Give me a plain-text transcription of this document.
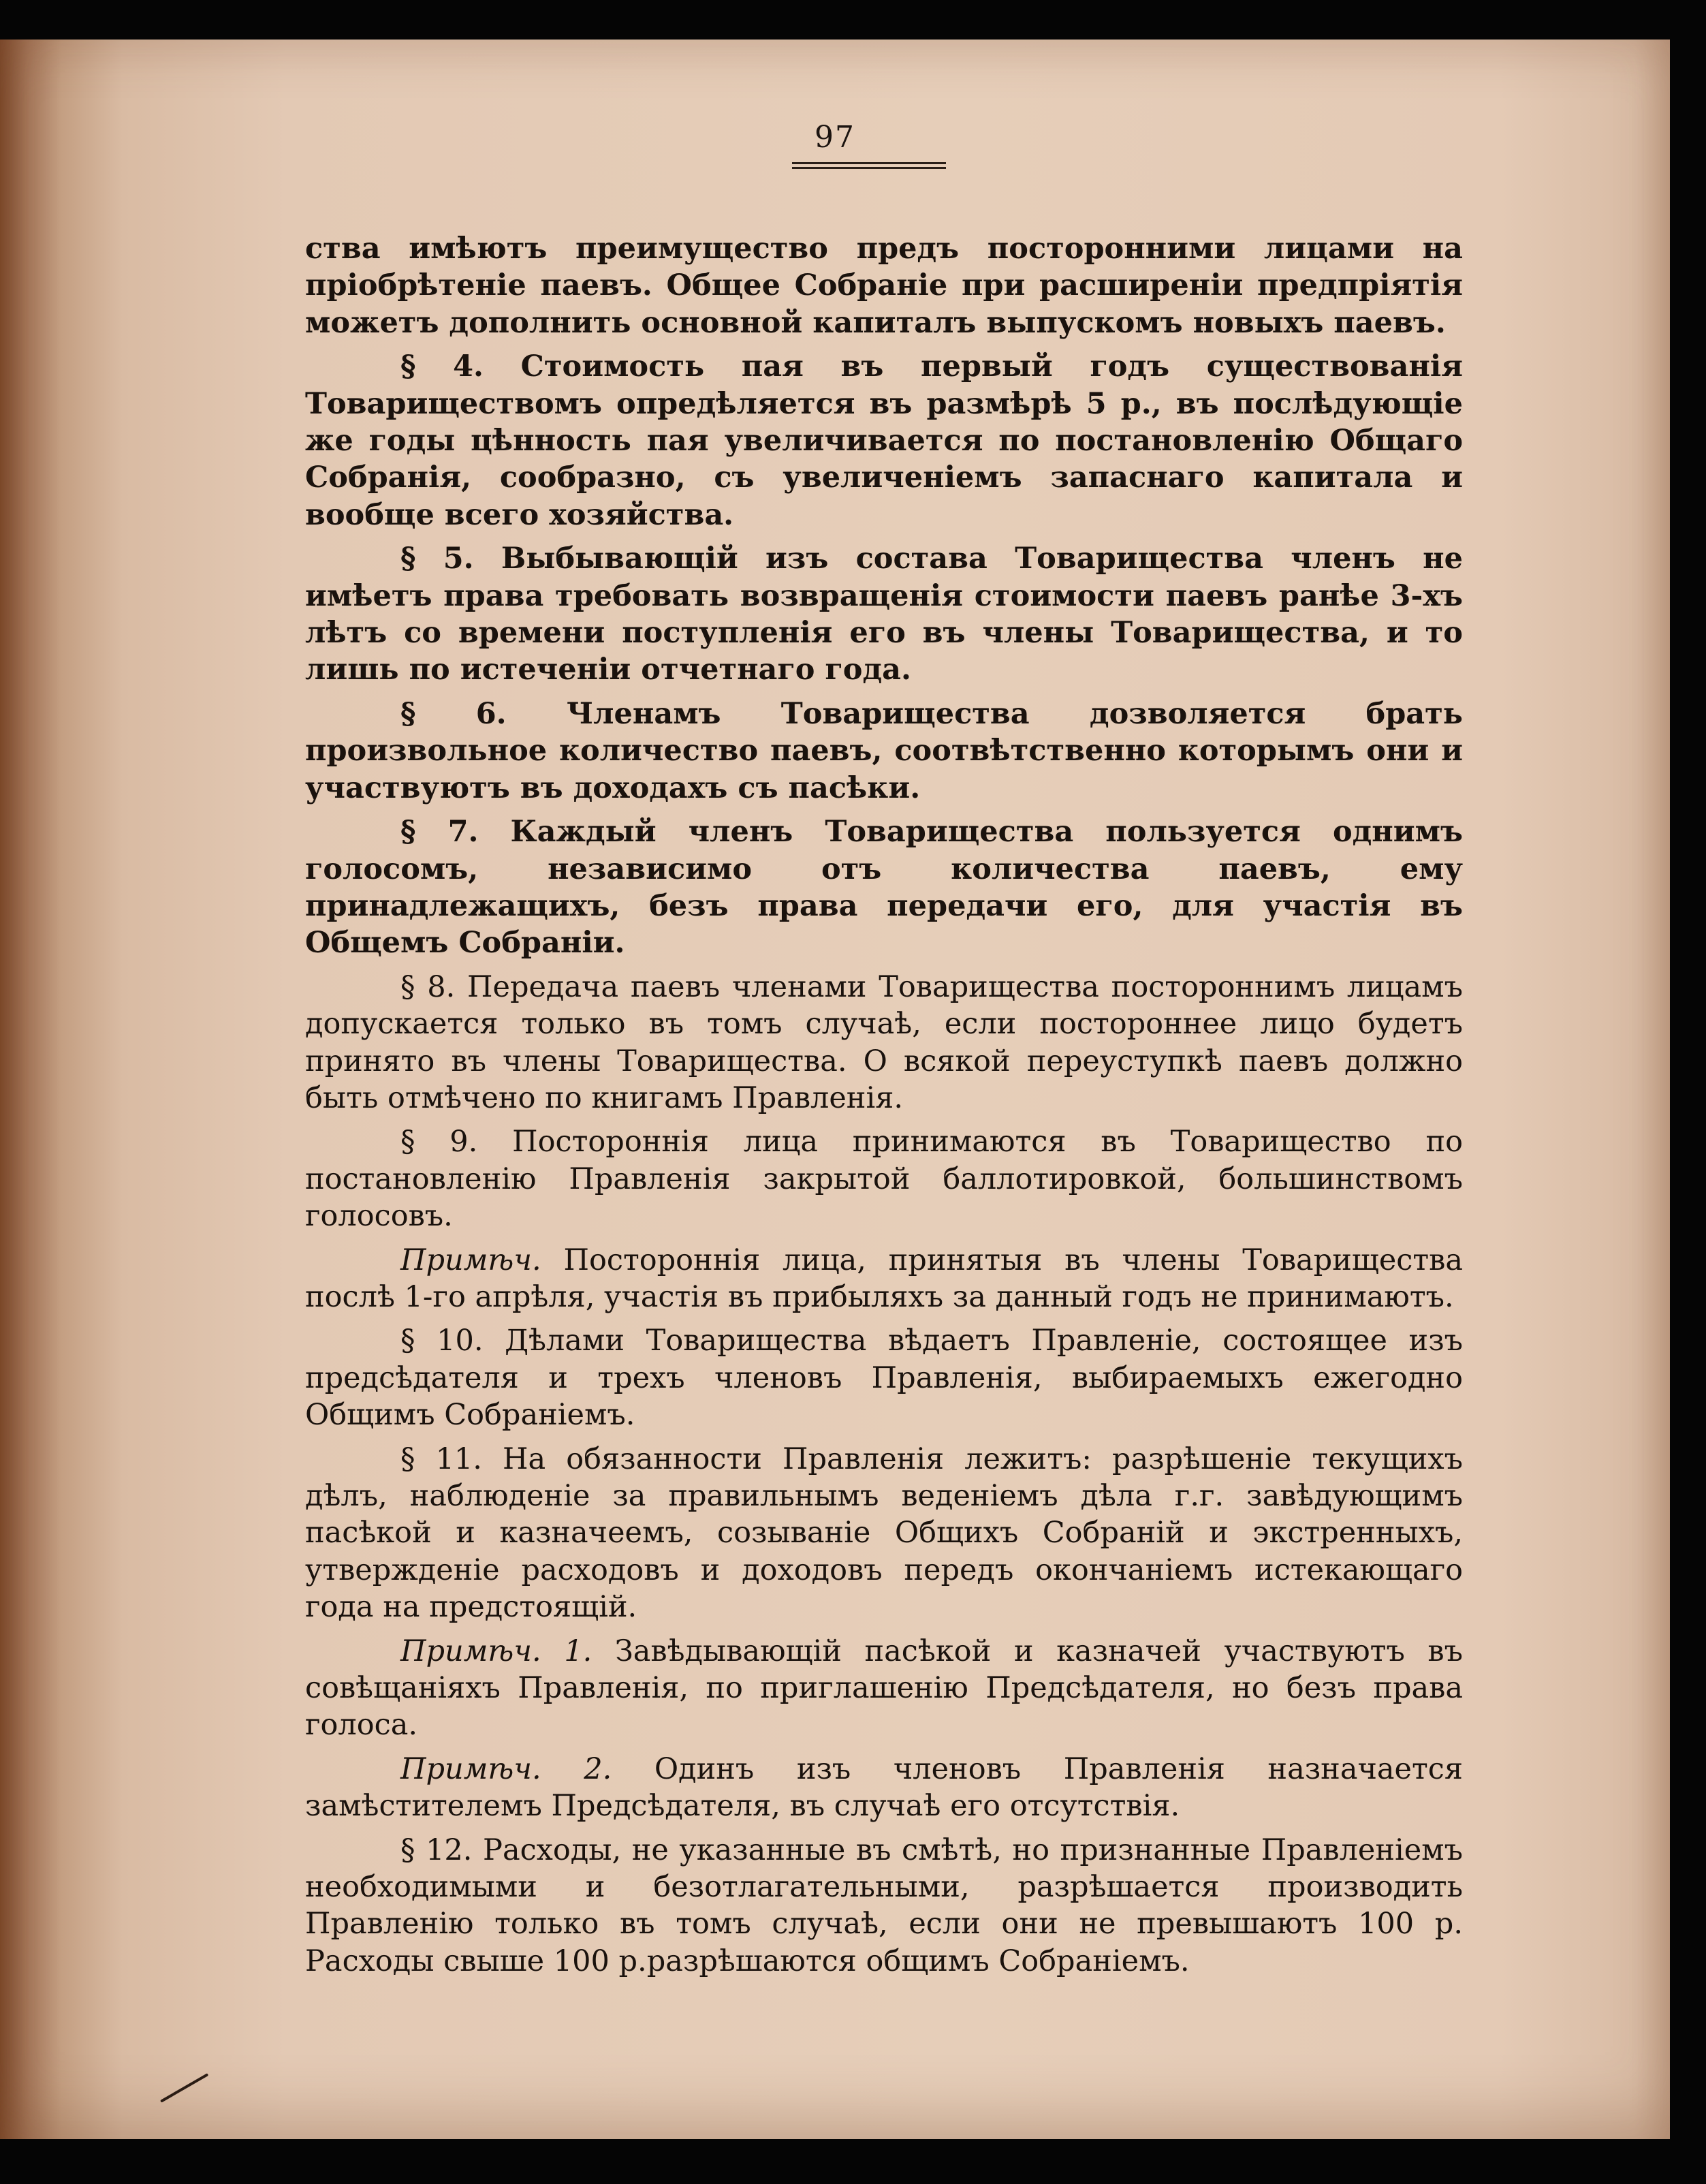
97

ства имѣютъ преимущество предъ посторонними лицами на пріобрѣтеніе паевъ. Общее Собраніе при расширеніи предпріятія можетъ дополнить основной капиталъ выпускомъ новыхъ паевъ.

§ 4. Стоимость пая въ первый годъ существованія Товариществомъ опредѣляется въ размѣрѣ 5 р., въ послѣдующіе же годы цѣнность пая увеличивается по постановленію Общаго Собранія, сообразно, съ увеличеніемъ запаснаго капитала и вообще всего хозяйства.

§ 5. Выбывающій изъ состава Товарищества членъ не имѣетъ права требовать возвращенія стоимости паевъ ранѣе 3-хъ лѣтъ со времени поступленія его въ члены Товарищества, и то лишь по истеченіи отчетнаго года.

§ 6. Членамъ Товарищества дозволяется брать произвольное количество паевъ, соотвѣтственно которымъ они и участвуютъ въ доходахъ съ пасѣки.

§ 7. Каждый членъ Товарищества пользуется однимъ голосомъ, независимо отъ количества паевъ, ему принадлежащихъ, безъ права передачи его, для участія въ Общемъ Собраніи.

§ 8. Передача паевъ членами Товарищества постороннимъ лицамъ допускается только въ томъ случаѣ, если постороннее лицо будетъ принято въ члены Товарищества. О всякой переуступкѣ паевъ должно быть отмѣчено по книгамъ Правленія.

§ 9. Постороннія лица принимаются въ Товарищество по постановленію Правленія закрытой баллотировкой, большинствомъ голосовъ.

Примѣч. Постороннія лица, принятыя въ члены Товарищества послѣ 1-го апрѣля, участія въ прибыляхъ за данный годъ не принимаютъ.

§ 10. Дѣлами Товарищества вѣдаетъ Правленіе, состоящее изъ предсѣдателя и трехъ членовъ Правленія, выбираемыхъ ежегодно Общимъ Собраніемъ.

§ 11. На обязанности Правленія лежитъ: разрѣшеніе текущихъ дѣлъ, наблюденіе за правильнымъ веденіемъ дѣла г.г. завѣдующимъ пасѣкой и казначеемъ, созываніе Общихъ Собраній и экстренныхъ, утвержденіе расходовъ и доходовъ передъ окончаніемъ истекающаго года на предстоящій.

Примѣч. 1. Завѣдывающій пасѣкой и казначей участвуютъ въ совѣщаніяхъ Правленія, по приглашенію Предсѣдателя, но безъ права голоса.

Примѣч. 2. Одинъ изъ членовъ Правленія назначается замѣстителемъ Предсѣдателя, въ случаѣ его отсутствія.

§ 12. Расходы, не указанные въ смѣтѣ, но признанные Правленіемъ необходимыми и безотлагательными, разрѣшается производить Правленію только въ томъ случаѣ, если они не превышаютъ 100 р. Расходы свыше 100 р.разрѣшаются общимъ Собраніемъ.
